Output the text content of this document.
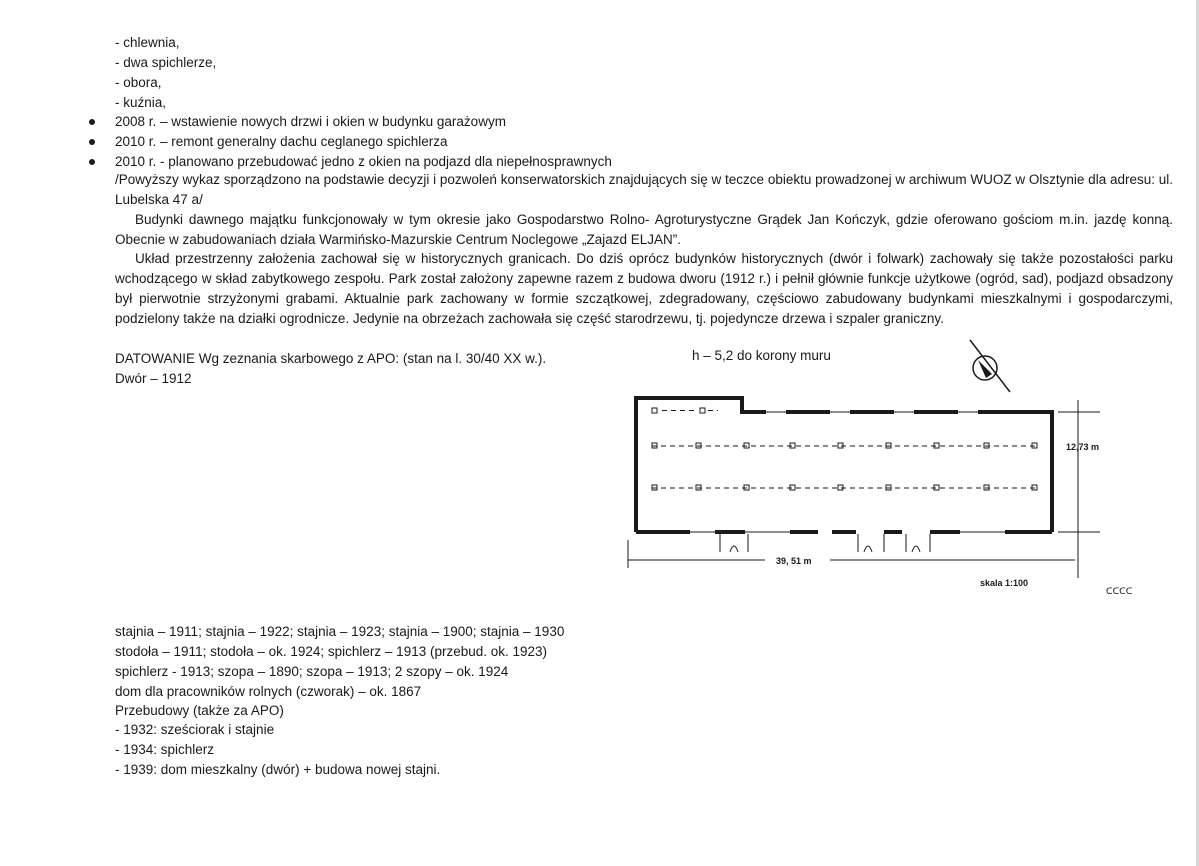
- chlewnia,
- dwa spichlerze,
- obora,
- kuźnia,
2008 r. – wstawienie nowych drzwi i okien w budynku garażowym
2010 r. – remont generalny dachu ceglanego spichlerza
2010 r. - planowano przebudować jedno z okien na podjazd dla niepełnosprawnych
/Powyższy wykaz sporządzono na podstawie decyzji i pozwoleń konserwatorskich znajdujących się w teczce obiektu prowadzonej w archiwum WUOZ w Olsztynie dla adresu: ul. Lubelska 47 a/
Budynki dawnego majątku funkcjonowały w tym okresie jako Gospodarstwo Rolno- Agroturystyczne Grądek Jan Kończyk, gdzie oferowano gościom m.in. jazdę konną. Obecnie w zabudowaniach działa Warmińsko-Mazurskie Centrum Noclegowe „Zajazd ELJAN”.
Układ przestrzenny założenia zachował się w historycznych granicach. Do dziś oprócz budynków historycznych (dwór i folwark) zachowały się także pozostałości parku wchodzącego w skład zabytkowego zespołu. Park został założony zapewne razem z budowa dworu (1912 r.) i pełnił głównie funkcje użytkowe (ogród, sad), podjazd obsadzony był pierwotnie strzyżonymi grabami. Aktualnie park zachowany w formie szczątkowej, zdegradowany, częściowo zabudowany budynkami mieszkalnymi i gospodarczymi, podzielony także na działki ogrodnicze. Jedynie na obrzeżach zachowała się część starodrzewu, tj. pojedyncze drzewa i szpaler graniczny.
DATOWANIE Wg zeznania skarbowego z APO: (stan na l. 30/40 XX w.).
Dwór – 1912
h – 5,2 do korony muru
12,73 m
39, 51 m
skala 1:100
ᑕᑕᑕᑕ
stajnia – 1911; stajnia – 1922; stajnia – 1923; stajnia – 1900; stajnia – 1930
stodoła – 1911; stodoła – ok. 1924; spichlerz – 1913 (przebud. ok. 1923)
spichlerz - 1913; szopa – 1890; szopa – 1913; 2 szopy – ok. 1924
dom dla pracowników rolnych (czworak) – ok. 1867
Przebudowy (także za APO)
- 1932: sześciorak i stajnie
- 1934: spichlerz
- 1939: dom mieszkalny (dwór) + budowa nowej stajni.
